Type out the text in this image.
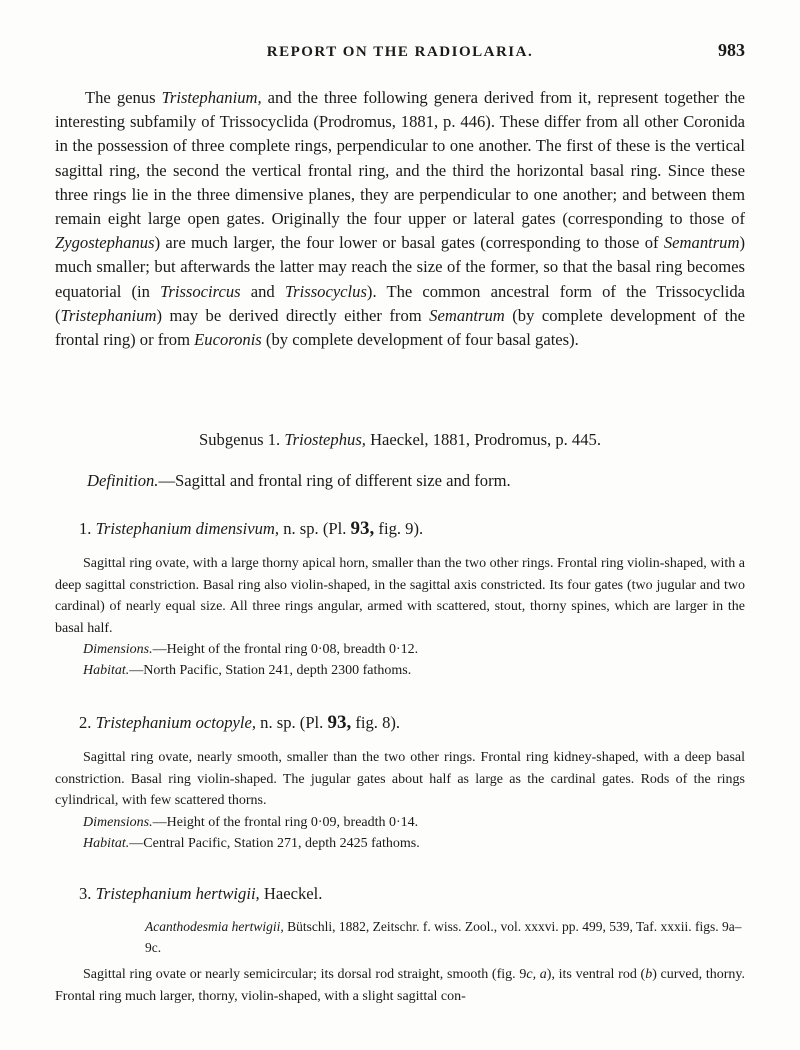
REPORT ON THE RADIOLARIA.	983

The genus Tristephanium, and the three following genera derived from it, represent together the interesting subfamily of Trissocyclida (Prodromus, 1881, p. 446). These differ from all other Coronida in the possession of three complete rings, perpendicular to one another. The first of these is the vertical sagittal ring, the second the vertical frontal ring, and the third the horizontal basal ring. Since these three rings lie in the three dimensive planes, they are perpendicular to one another; and between them remain eight large open gates. Originally the four upper or lateral gates (corresponding to those of Zygostephanus) are much larger, the four lower or basal gates (corresponding to those of Semantrum) much smaller; but afterwards the latter may reach the size of the former, so that the basal ring becomes equatorial (in Trissocircus and Trissocyclus). The common ancestral form of the Trissocyclida (Tristephanium) may be derived directly either from Semantrum (by complete development of the frontal ring) or from Eucoronis (by complete development of four basal gates).

Subgenus 1. Triostephus, Haeckel, 1881, Prodromus, p. 445.

Definition.—Sagittal and frontal ring of different size and form.

1. Tristephanium dimensivum, n. sp. (Pl. 93, fig. 9).

Sagittal ring ovate, with a large thorny apical horn, smaller than the two other rings. Frontal ring violin-shaped, with a deep sagittal constriction. Basal ring also violin-shaped, in the sagittal axis constricted. Its four gates (two jugular and two cardinal) of nearly equal size. All three rings angular, armed with scattered, stout, thorny spines, which are larger in the basal half.

Dimensions.—Height of the frontal ring 0·08, breadth 0·12.

Habitat.—North Pacific, Station 241, depth 2300 fathoms.

2. Tristephanium octopyle, n. sp. (Pl. 93, fig. 8).

Sagittal ring ovate, nearly smooth, smaller than the two other rings. Frontal ring kidney-shaped, with a deep basal constriction. Basal ring violin-shaped. The jugular gates about half as large as the cardinal gates. Rods of the rings cylindrical, with few scattered thorns.

Dimensions.—Height of the frontal ring 0·09, breadth 0·14.

Habitat.—Central Pacific, Station 271, depth 2425 fathoms.

3. Tristephanium hertwigii, Haeckel.

Acanthodesmia hertwigii, Bütschli, 1882, Zeitschr. f. wiss. Zool., vol. xxxvi. pp. 499, 539, Taf. xxxii. figs. 9a–9c.

Sagittal ring ovate or nearly semicircular; its dorsal rod straight, smooth (fig. 9c, a), its ventral rod (b) curved, thorny. Frontal ring much larger, thorny, violin-shaped, with a slight sagittal con-
